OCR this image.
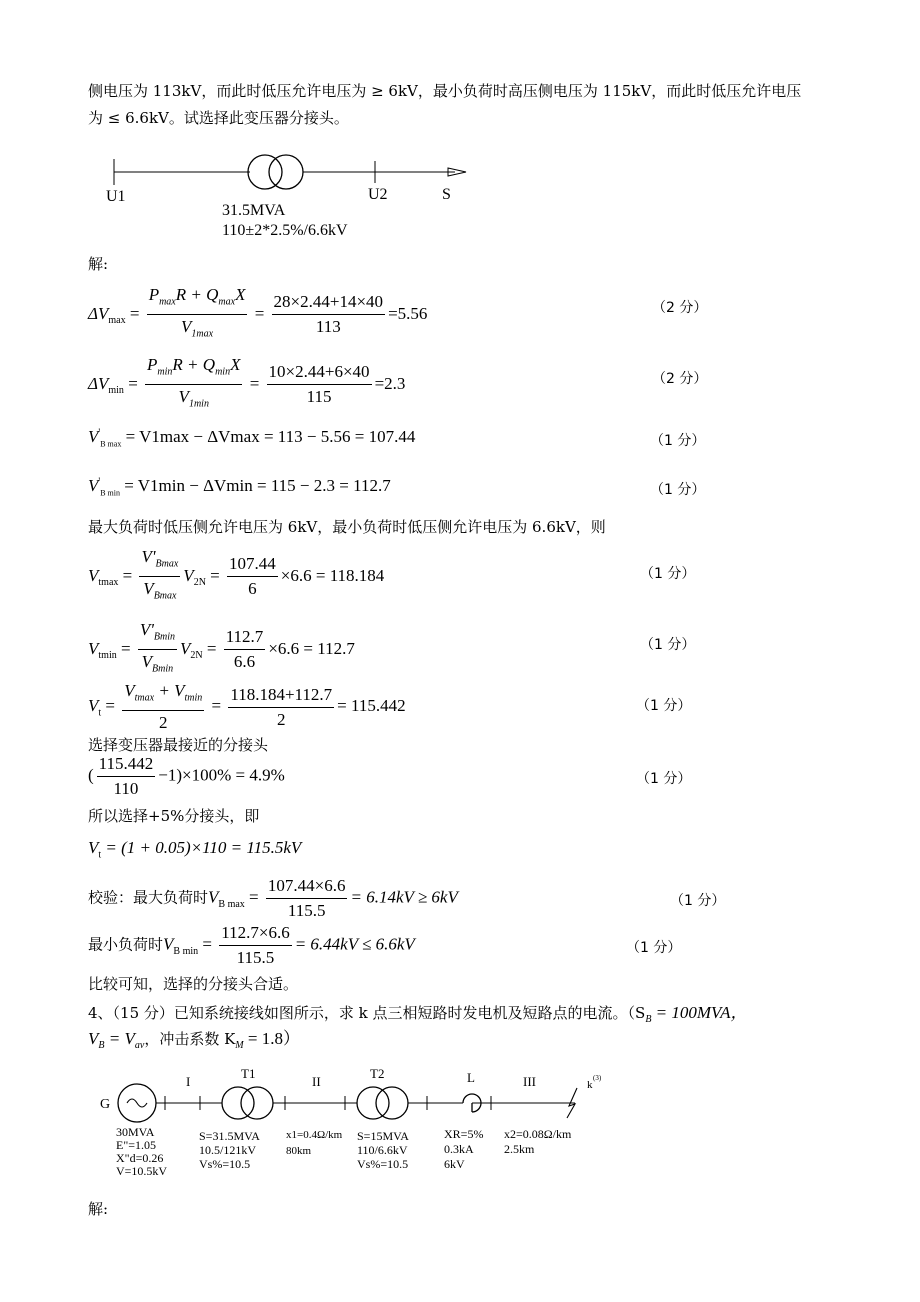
侧电压为 113kV，而此时低压允许电压为 ≥ 6kV，最小负荷时高压侧电压为 115kV，而此时低压允许电压
为 ≤ 6.6kV。试选择此变压器分接头。
U1	U2	S
31.5MVA
110±2*2.5%/6.6kV
解:
$\Delta V_{max} = \frac{P_{max}R + Q_{max}X}{V_{1max}} = \frac{28\times 2.44+14\times 40}{113} =5.56$	（2 分）
$\Delta V_{min} = \frac{P_{min}R + Q_{min}X}{V_{1min}} = \frac{10\times 2.44+6\times 40}{115} =2.3$	（2 分）
$V'_{B max} = V1\max - \Delta Vmax = 113 - 5.56 = 107.44$	（1 分）
$V'_{B min} = V1\min - \Delta Vmin = 115 - 2.3 = 112.7$	（1 分）
最大负荷时低压侧允许电压为 6kV，最小负荷时低压侧允许电压为 6.6kV，则
$V_{tmax} = \frac{V'_{Bmax}}{V_{Bmax}} V_{2N} = \frac{107.44}{6} \times 6.6 = 118.184$	（1 分）
$V_{tmin} = \frac{V'_{Bmin}}{V_{Bmin}} V_{2N} = \frac{112.7}{6.6} \times 6.6 = 112.7$	（1 分）
$V_t = \frac{V_{tmax} + V_{tmin}}{2} = \frac{118.184+112.7}{2} = 115.442$	（1 分）
选择变压器最接近的分接头
( $\frac{115.442}{110} -1)\times 100\% = 4.9\%$	（1 分）
所以选择+5%分接头，即
$V_t = (1 + 0.05)\times 110 = 115.5kV$
校验：最大负荷时$V_{B max} = \frac{107.44\times 6.6}{115.5} = 6.14kV \ge 6kV$	（1 分）
最小负荷时$V_{B min} = \frac{112.7\times 6.6}{115.5} = 6.44kV \le 6.6kV$	（1 分）
比较可知，选择的分接头合适。
4、（15 分）已知系统接线如图所示，求 k 点三相短路时发电机及短路点的电流。（$S_B = 100MVA$，
$V_B = V_{av}$，冲击系数 $K_M = 1.8$）
G
I
T1
II
T2	L	III	k
(3)
30MVA E"=1.05 X"d=0.26 V=10.5kV
S=31.5MVA 10.5/121kV Vs%=10.5
x1=0.4Ω/km 80km
S=15MVA 110/6.6kV Vs%=10.5
XR=5% 0.3kA 6kV
x2=0.08Ω/km 2.5km
解:
